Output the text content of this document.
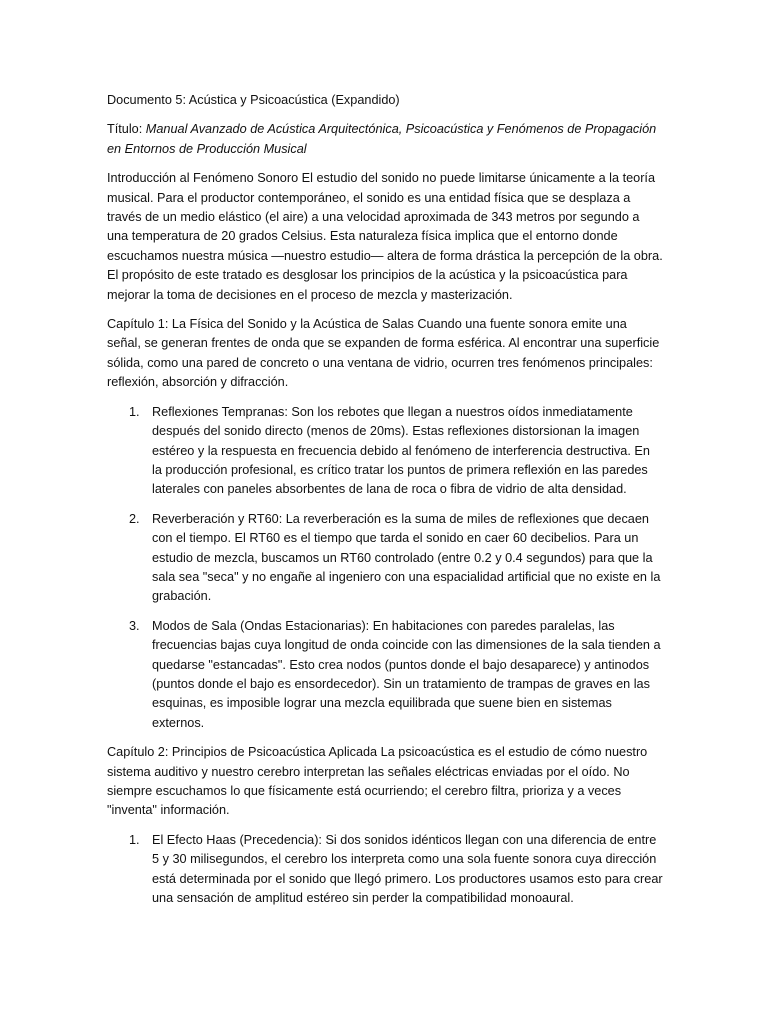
Documento 5: Acústica y Psicoacústica (Expandido)

Título: Manual Avanzado de Acústica Arquitectónica, Psicoacústica y Fenómenos de Propagación en Entornos de Producción Musical

Introducción al Fenómeno Sonoro El estudio del sonido no puede limitarse únicamente a la teoría musical. Para el productor contemporáneo, el sonido es una entidad física que se desplaza a través de un medio elástico (el aire) a una velocidad aproximada de 343 metros por segundo a una temperatura de 20 grados Celsius. Esta naturaleza física implica que el entorno donde escuchamos nuestra música —nuestro estudio— altera de forma drástica la percepción de la obra. El propósito de este tratado es desglosar los principios de la acústica y la psicoacústica para mejorar la toma de decisiones en el proceso de mezcla y masterización.

Capítulo 1: La Física del Sonido y la Acústica de Salas Cuando una fuente sonora emite una señal, se generan frentes de onda que se expanden de forma esférica. Al encontrar una superficie sólida, como una pared de concreto o una ventana de vidrio, ocurren tres fenómenos principales: reflexión, absorción y difracción.

1. Reflexiones Tempranas: Son los rebotes que llegan a nuestros oídos inmediatamente después del sonido directo (menos de 20ms). Estas reflexiones distorsionan la imagen estéreo y la respuesta en frecuencia debido al fenómeno de interferencia destructiva. En la producción profesional, es crítico tratar los puntos de primera reflexión en las paredes laterales con paneles absorbentes de lana de roca o fibra de vidrio de alta densidad.
2. Reverberación y RT60: La reverberación es la suma de miles de reflexiones que decaen con el tiempo. El RT60 es el tiempo que tarda el sonido en caer 60 decibelios. Para un estudio de mezcla, buscamos un RT60 controlado (entre 0.2 y 0.4 segundos) para que la sala sea "seca" y no engañe al ingeniero con una espacialidad artificial que no existe en la grabación.
3. Modos de Sala (Ondas Estacionarias): En habitaciones con paredes paralelas, las frecuencias bajas cuya longitud de onda coincide con las dimensiones de la sala tienden a quedarse "estancadas". Esto crea nodos (puntos donde el bajo desaparece) y antinodos (puntos donde el bajo es ensordecedor). Sin un tratamiento de trampas de graves en las esquinas, es imposible lograr una mezcla equilibrada que suene bien en sistemas externos.

Capítulo 2: Principios de Psicoacústica Aplicada La psicoacústica es el estudio de cómo nuestro sistema auditivo y nuestro cerebro interpretan las señales eléctricas enviadas por el oído. No siempre escuchamos lo que físicamente está ocurriendo; el cerebro filtra, prioriza y a veces "inventa" información.

1. El Efecto Haas (Precedencia): Si dos sonidos idénticos llegan con una diferencia de entre 5 y 30 milisegundos, el cerebro los interpreta como una sola fuente sonora cuya dirección está determinada por el sonido que llegó primero. Los productores usamos esto para crear una sensación de amplitud estéreo sin perder la compatibilidad monoaural.
